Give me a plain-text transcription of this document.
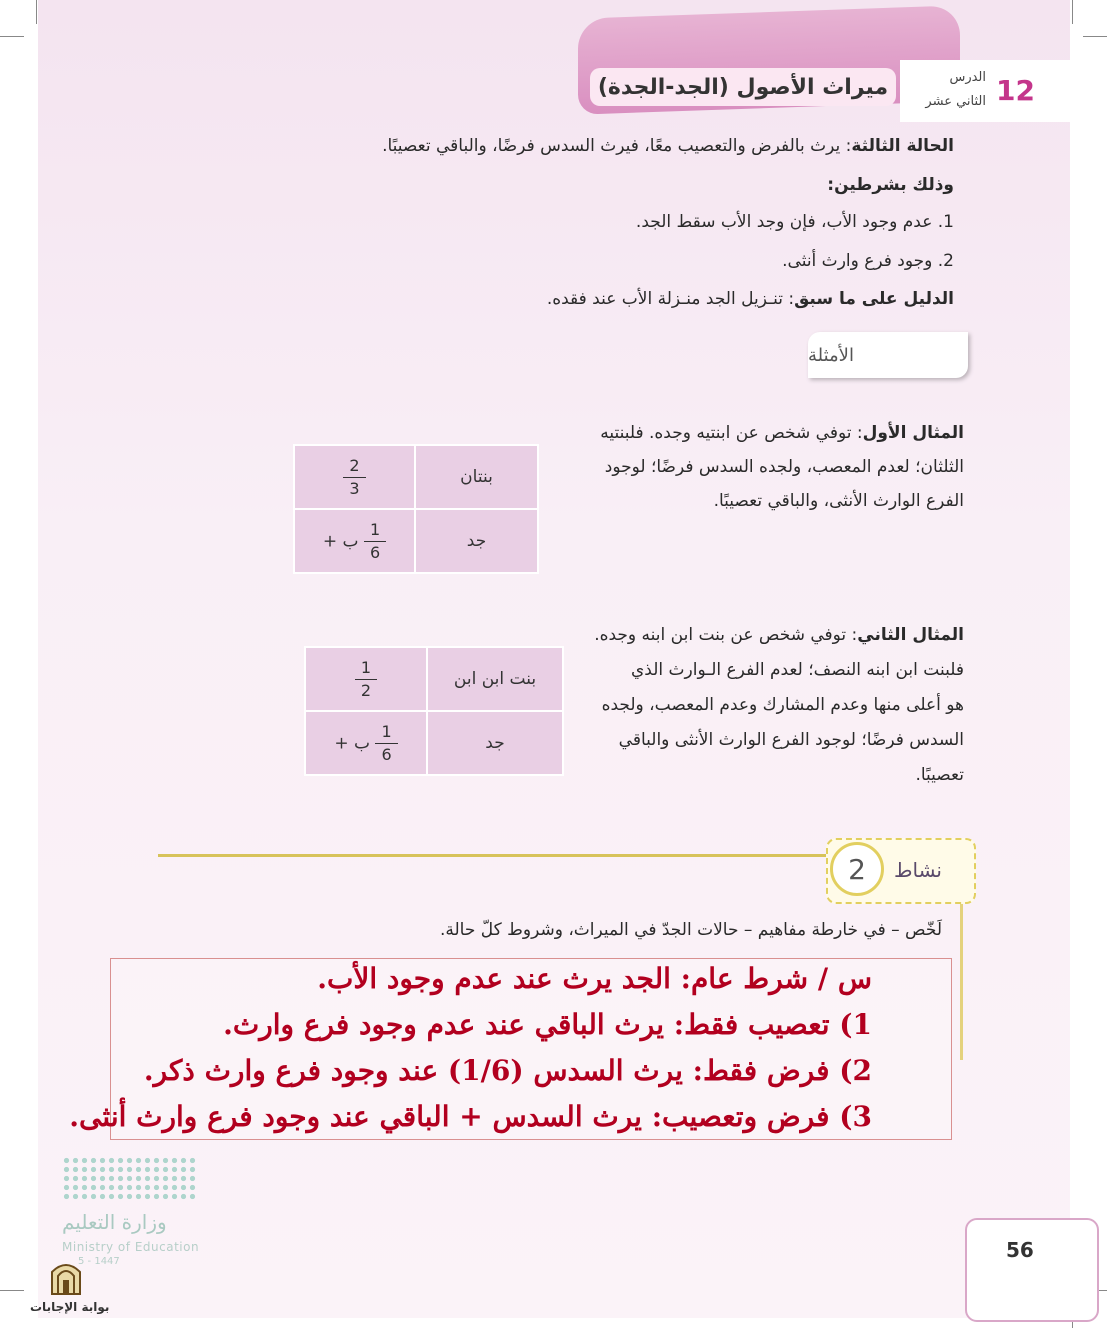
ميراث الأصول (الجد-الجدة)	12
الدرس
الثاني عشر
الحالة الثالثة: يرث بالفرض والتعصيب معًا، فيرث السدس فرضًا، والباقي تعصيبًا.
وذلك بشرطين:
1. عدم وجود الأب، فإن وجد الأب سقط الجد.
2. وجود فرع وارث أنثى.
الدليل على ما سبق: تنـزيل الجد منـزلة الأب عند فقده.
الأمثلة
المثال الأول: توفي شخص عن ابنتيه وجده. فلبنتيه
الثلثان؛ لعدم المعصب، ولجده السدس فرضًا؛ لوجود
الفرع الوارث الأنثى، والباقي تعصيبًا.
$\frac{2}{3}$	بنتان
+ ب $\frac{1}{6}$	جد
المثال الثاني: توفي شخص عن بنت ابن ابنه وجده.
فلبنت ابن ابنه النصف؛ لعدم الفرع الـوارث الذي
هو أعلى منها وعدم المشارك وعدم المعصب، ولجده
السدس فرضًا؛ لوجود الفرع الوارث الأنثى والباقي
تعصيبًا.
$\frac{1}{2}$	بنت ابن ابن
+ ب $\frac{1}{6}$	جد
2	نشاط
لَخّص – في خارطة مفاهيم – حالات الجدّ في الميراث، وشروط كلّ حالة.
س / شرط عام: الجد يرث عند عدم وجود الأب.
1) تعصيب فقط: يرث الباقي عند عدم وجود فرع وارث.
2) فرض فقط: يرث السدس (1/6) عند وجود فرع وارث ذكر.
3) فرض وتعصيب: يرث السدس + الباقي عند وجود فرع وارث أنثى.
56
وزارة التعليم
Ministry of Education
5 - 1447
بوابة الإجابات
